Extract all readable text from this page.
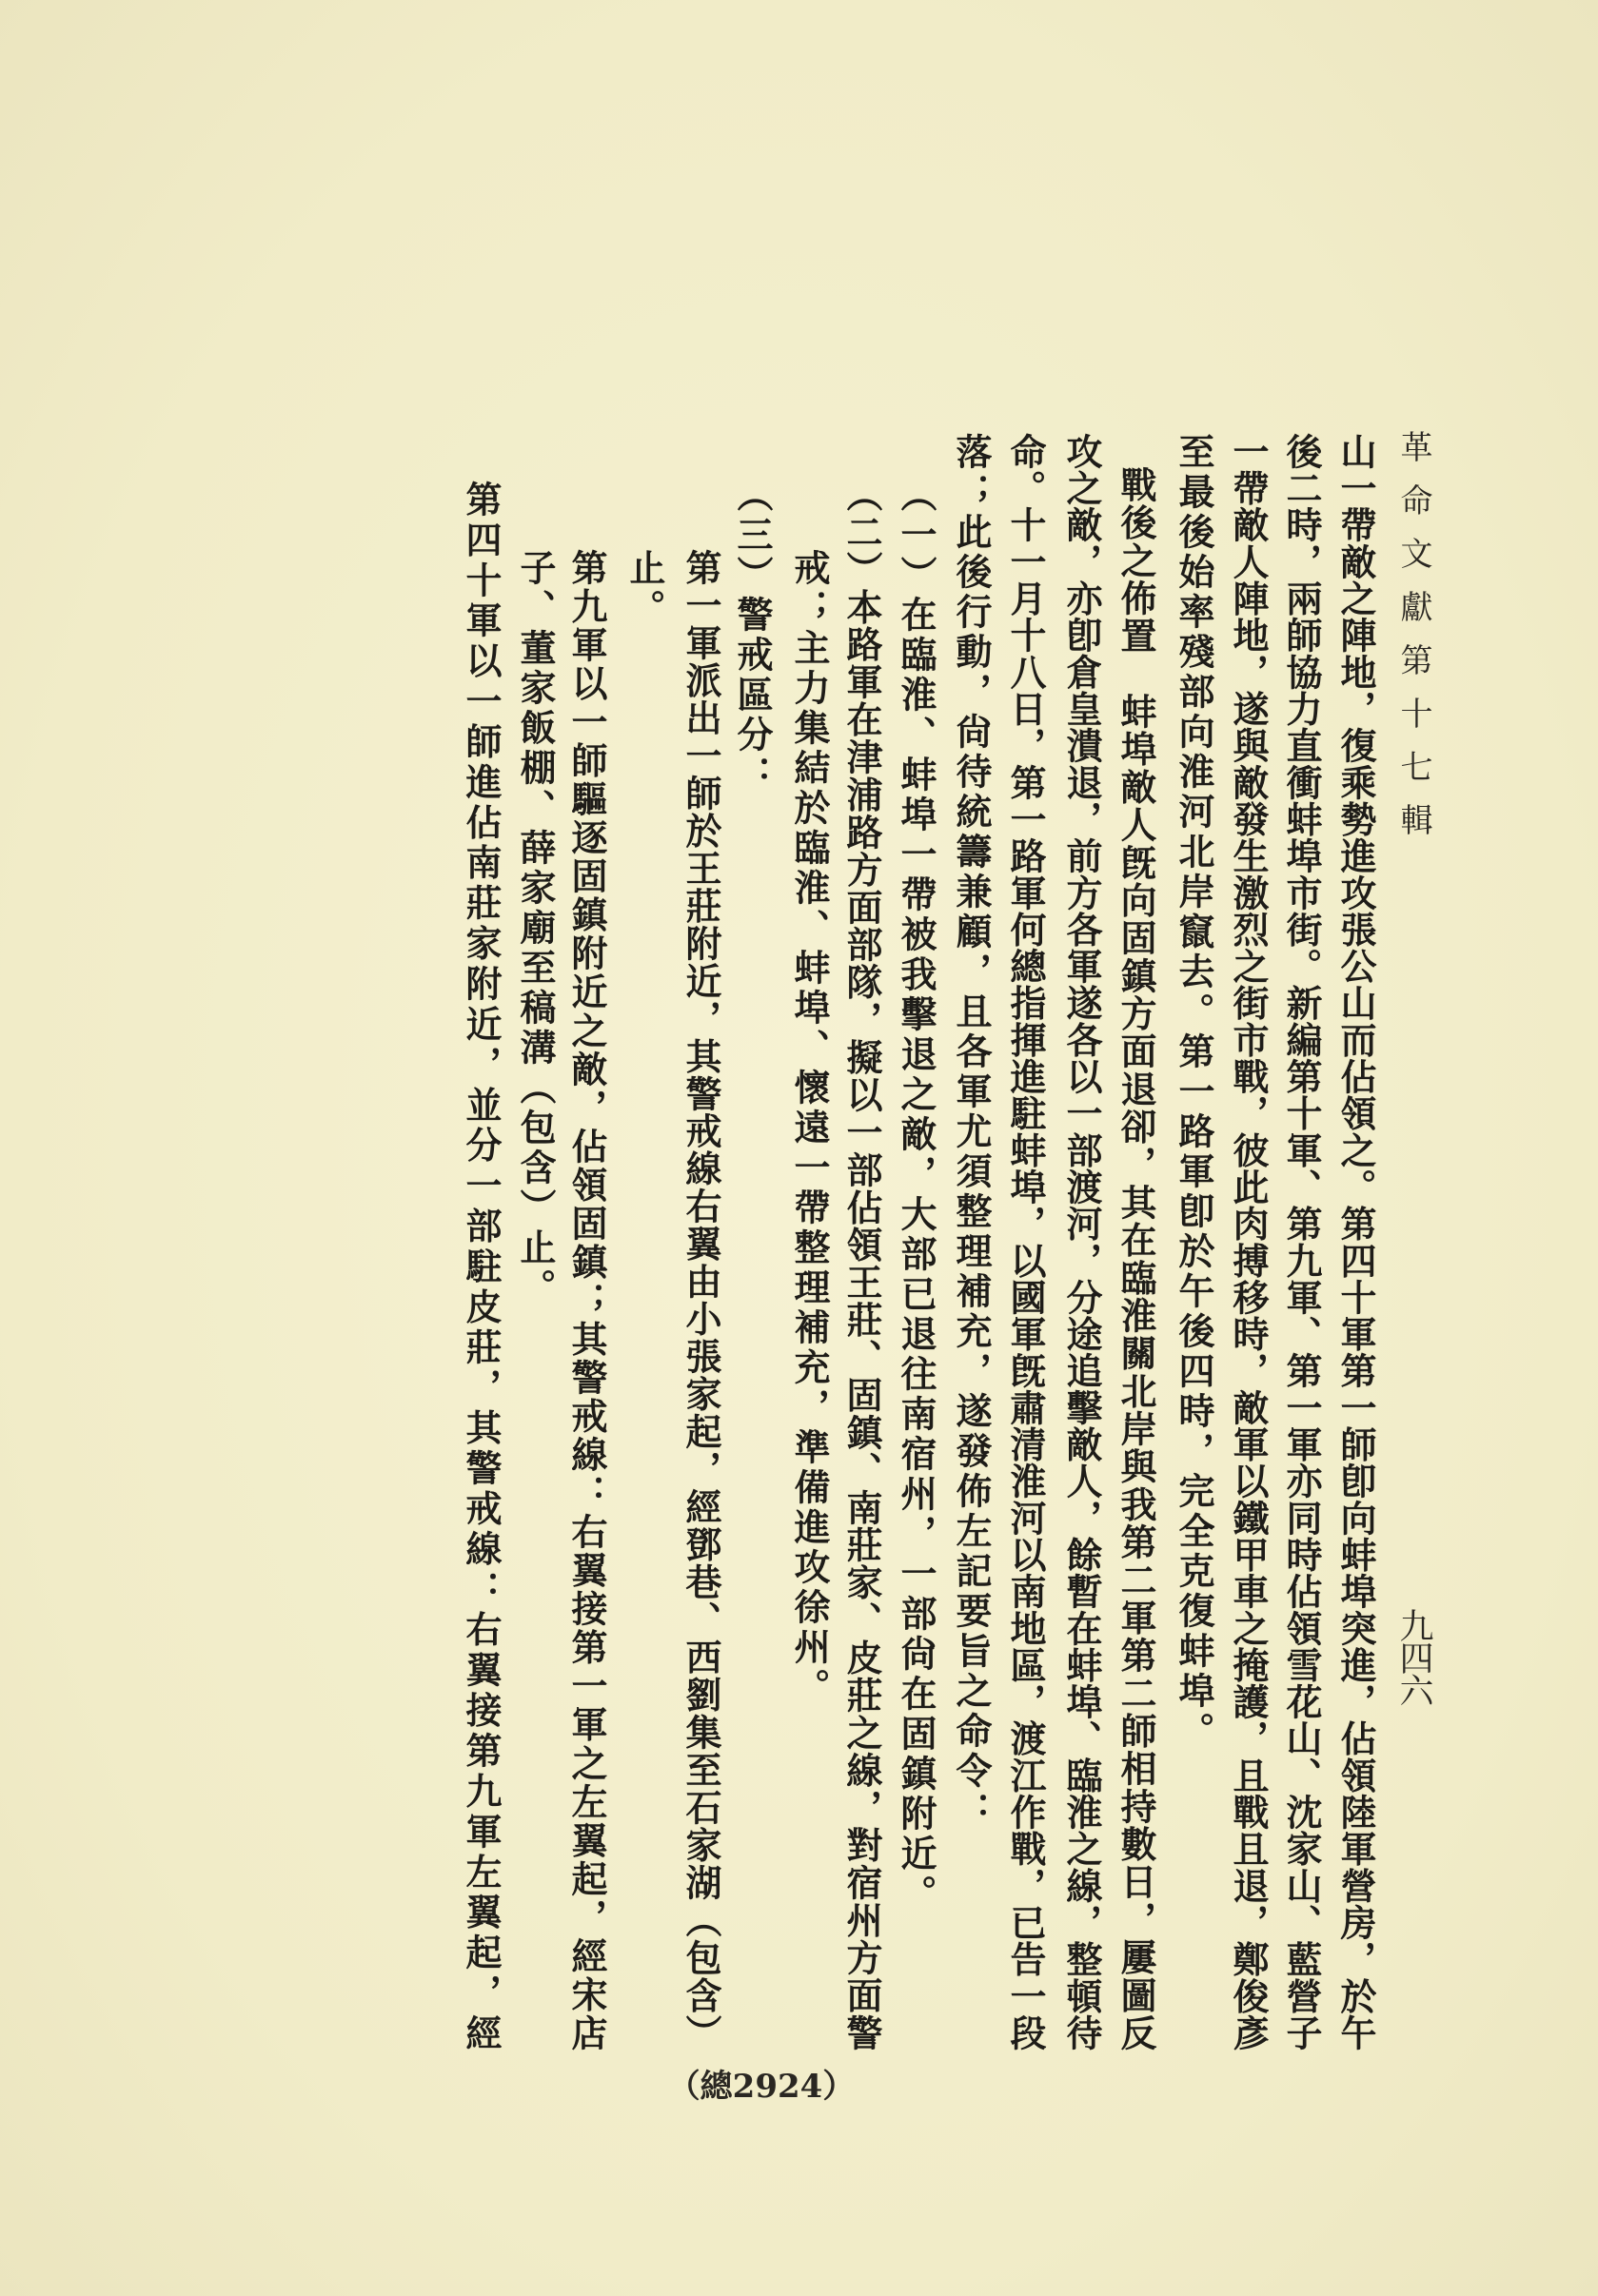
革命文獻第十七輯
九四六
山一帶敵之陣地，復乘勢進攻張公山而佔領之。第四十軍第一師卽向蚌埠突進，佔領陸軍營房，於午
後二時，兩師協力直衝蚌埠市街。新編第十軍、第九軍、第一軍亦同時佔領雪花山、沈家山、藍營子
一帶敵人陣地，遂與敵發生激烈之街市戰，彼此肉搏移時，敵軍以鐵甲車之掩護，且戰且退，鄭俊彥
至最後始率殘部向淮河北岸竄去。第一路軍卽於午後四時，完全克復蚌埠。
戰後之佈置　蚌埠敵人旣向固鎮方面退卻，其在臨淮關北岸與我第二軍第二師相持數日，屢圖反
攻之敵，亦卽倉皇潰退，前方各軍遂各以一部渡河，分途追擊敵人，餘暫在蚌埠、臨淮之線，整頓待
命。十一月十八日，第一路軍何總指揮進駐蚌埠，以國軍旣肅清淮河以南地區，渡江作戰，已告一段
落；此後行動，尙待統籌兼顧，且各軍尤須整理補充，遂發佈左記要旨之命令：
（一）在臨淮、蚌埠一帶被我擊退之敵，大部已退往南宿州，一部尙在固鎮附近。
（二）本路軍在津浦路方面部隊，擬以一部佔領王莊、固鎮、南莊家、皮莊之線，對宿州方面警
戒；主力集結於臨淮、蚌埠、懷遠一帶整理補充，準備進攻徐州。
（三）警戒區分：
第一軍派出一師於王莊附近，其警戒線右翼由小張家起，經鄧巷、西劉集至石家湖（包含）
止。
第九軍以一師驅逐固鎮附近之敵，佔領固鎮；其警戒線：右翼接第一軍之左翼起，經宋店
子、董家飯棚、薛家廟至稿溝（包含）止。
第四十軍以一師進佔南莊家附近，並分一部駐皮莊，其警戒線：右翼接第九軍左翼起，經
（總2924）
